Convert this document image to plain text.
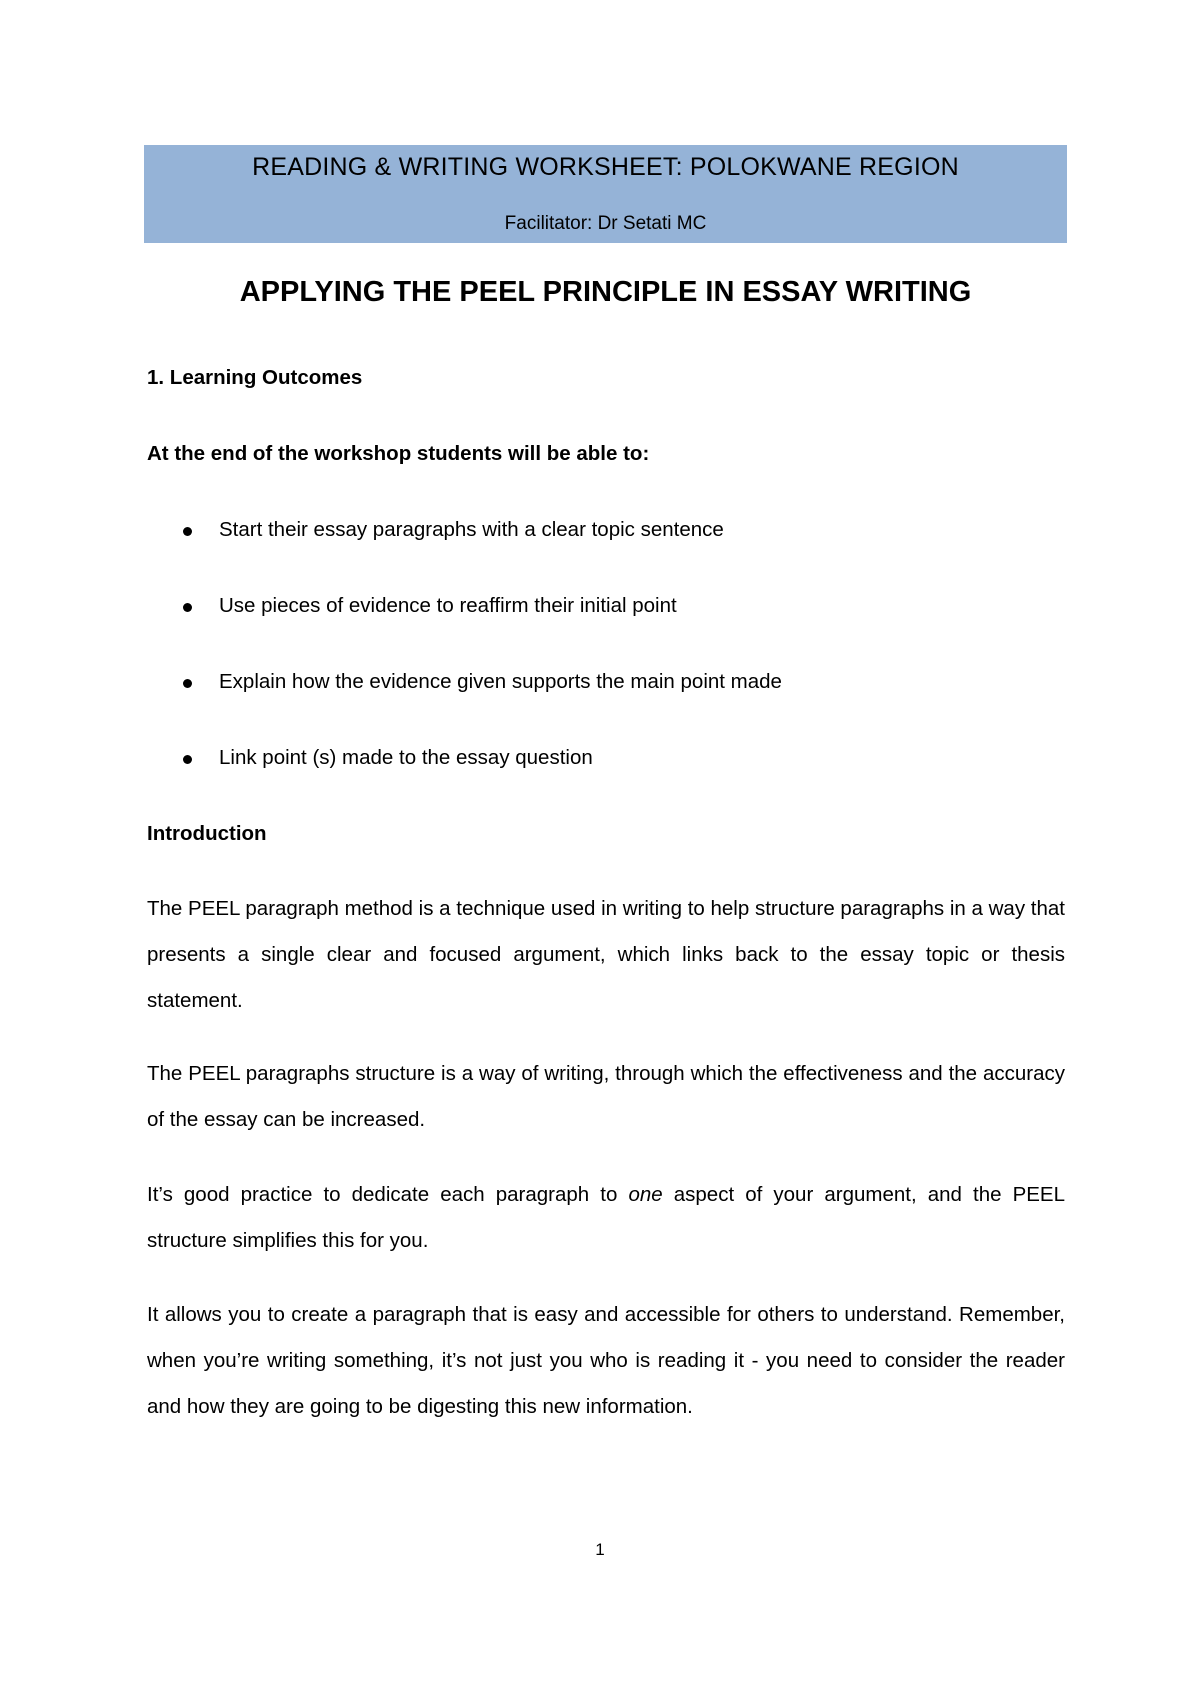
READING & WRITING WORKSHEET: POLOKWANE REGION
Facilitator: Dr Setati MC
APPLYING THE PEEL PRINCIPLE IN ESSAY WRITING
1. Learning Outcomes
At the end of the workshop students will be able to:
Start their essay paragraphs with a clear topic sentence
Use pieces of evidence to reaffirm their initial point
Explain how the evidence given supports the main point made
Link point (s) made to the essay question
Introduction
The PEEL paragraph method is a technique used in writing to help structure paragraphs in a way that presents a single clear and focused argument, which links back to the essay topic or thesis statement.
The PEEL paragraphs structure is a way of writing, through which the effectiveness and the accuracy of the essay can be increased.
It’s good practice to dedicate each paragraph to one aspect of your argument, and the PEEL structure simplifies this for you.
It allows you to create a paragraph that is easy and accessible for others to understand. Remember, when you’re writing something, it’s not just you who is reading it - you need to consider the reader and how they are going to be digesting this new information.
1
